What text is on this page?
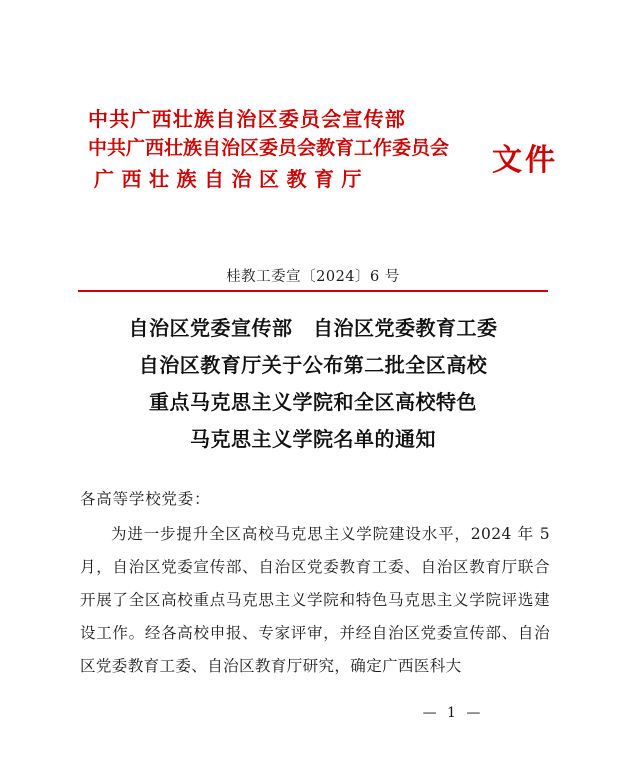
中共广西壮族自治区委员会宣传部
中共广西壮族自治区委员会教育工作委员会
广西壮族自治区教育厅
文件
桂教工委宣〔2024〕6 号
自治区党委宣传部　自治区党委教育工委
自治区教育厅关于公布第二批全区高校
重点马克思主义学院和全区高校特色
马克思主义学院名单的通知
各高等学校党委：

为进一步提升全区高校马克思主义学院建设水平，2024 年 5 月，自治区党委宣传部、自治区党委教育工委、自治区教育厅联合开展了全区高校重点马克思主义学院和特色马克思主义学院评选建设工作。经各高校申报、专家评审，并经自治区党委宣传部、自治区党委教育工委、自治区教育厅研究，确定广西医科大

— 1 —
